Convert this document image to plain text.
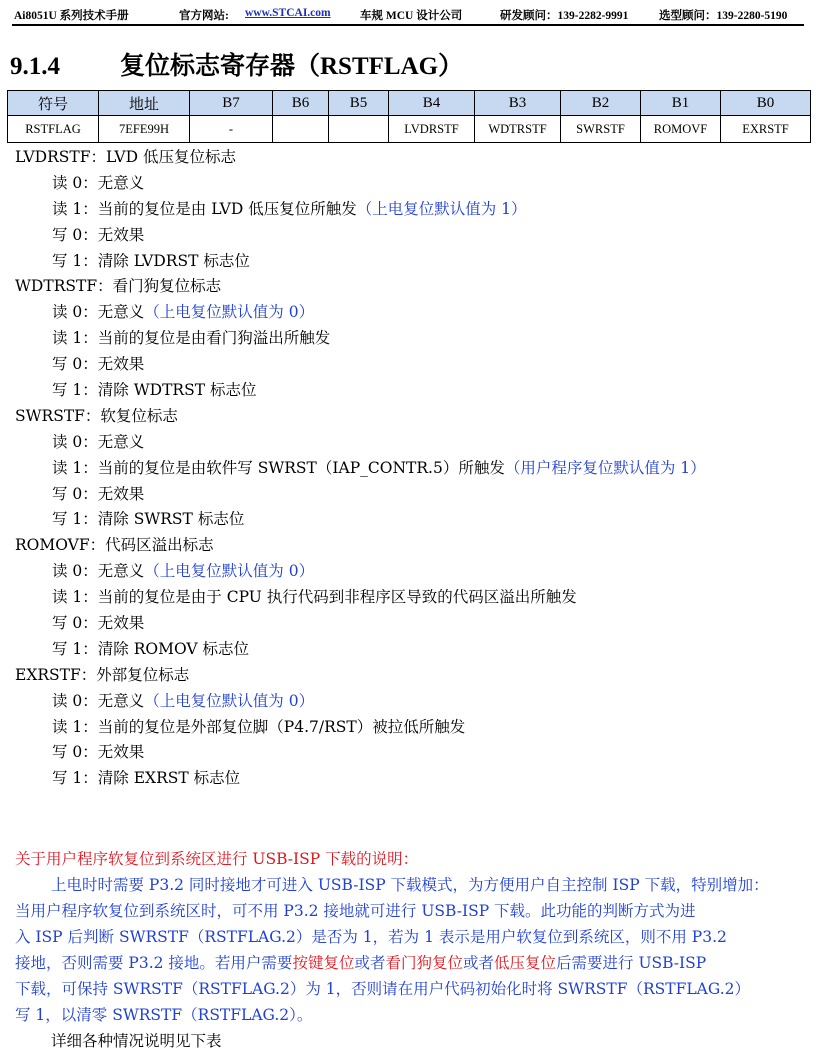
Ai8051U 系列技术手册	官方网站: www.STCAI.com	车规 MCU 设计公司	研发顾问：139-2282-9991	选型顾问：139-2280-5190
9.1.4 复位标志寄存器（RSTFLAG）
符号	地址	B7	B6	B5	B4	B3	B2	B1	B0
RSTFLAG	7EFE99H	-			LVDRSTF	WDTRSTF	SWRSTF	ROMOVF	EXRSTF
LVDRSTF：LVD 低压复位标志
读 0：无意义
读 1：当前的复位是由 LVD 低压复位所触发（上电复位默认值为 1）
写 0：无效果
写 1：清除 LVDRST 标志位
WDTRSTF：看门狗复位标志
读 0：无意义（上电复位默认值为 0）
读 1：当前的复位是由看门狗溢出所触发
写 0：无效果
写 1：清除 WDTRST 标志位
SWRSTF：软复位标志
读 0：无意义
读 1：当前的复位是由软件写 SWRST（IAP_CONTR.5）所触发（用户程序复位默认值为 1）
写 0：无效果
写 1：清除 SWRST 标志位
ROMOVF：代码区溢出标志
读 0：无意义（上电复位默认值为 0）
读 1：当前的复位是由于 CPU 执行代码到非程序区导致的代码区溢出所触发
写 0：无效果
写 1：清除 ROMOV 标志位
EXRSTF：外部复位标志
读 0：无意义（上电复位默认值为 0）
读 1：当前的复位是外部复位脚（P4.7/RST）被拉低所触发
写 0：无效果
写 1：清除 EXRST 标志位
关于用户程序软复位到系统区进行 USB-ISP 下载的说明：
上电时时需要 P3.2 同时接地才可进入 USB-ISP 下载模式，为方便用户自主控制 ISP 下载，特别增加：
当用户程序软复位到系统区时，可不用 P3.2 接地就可进行 USB-ISP 下载。此功能的判断方式为进
入 ISP 后判断 SWRSTF（RSTFLAG.2）是否为 1，若为 1 表示是用户软复位到系统区，则不用 P3.2
接地，否则需要 P3.2 接地。若用户需要按键复位或者看门狗复位或者低压复位后需要进行 USB-ISP
下载，可保持 SWRSTF（RSTFLAG.2）为 1，否则请在用户代码初始化时将 SWRSTF（RSTFLAG.2）
写 1，以清零 SWRSTF（RSTFLAG.2）。
详细各种情况说明见下表
